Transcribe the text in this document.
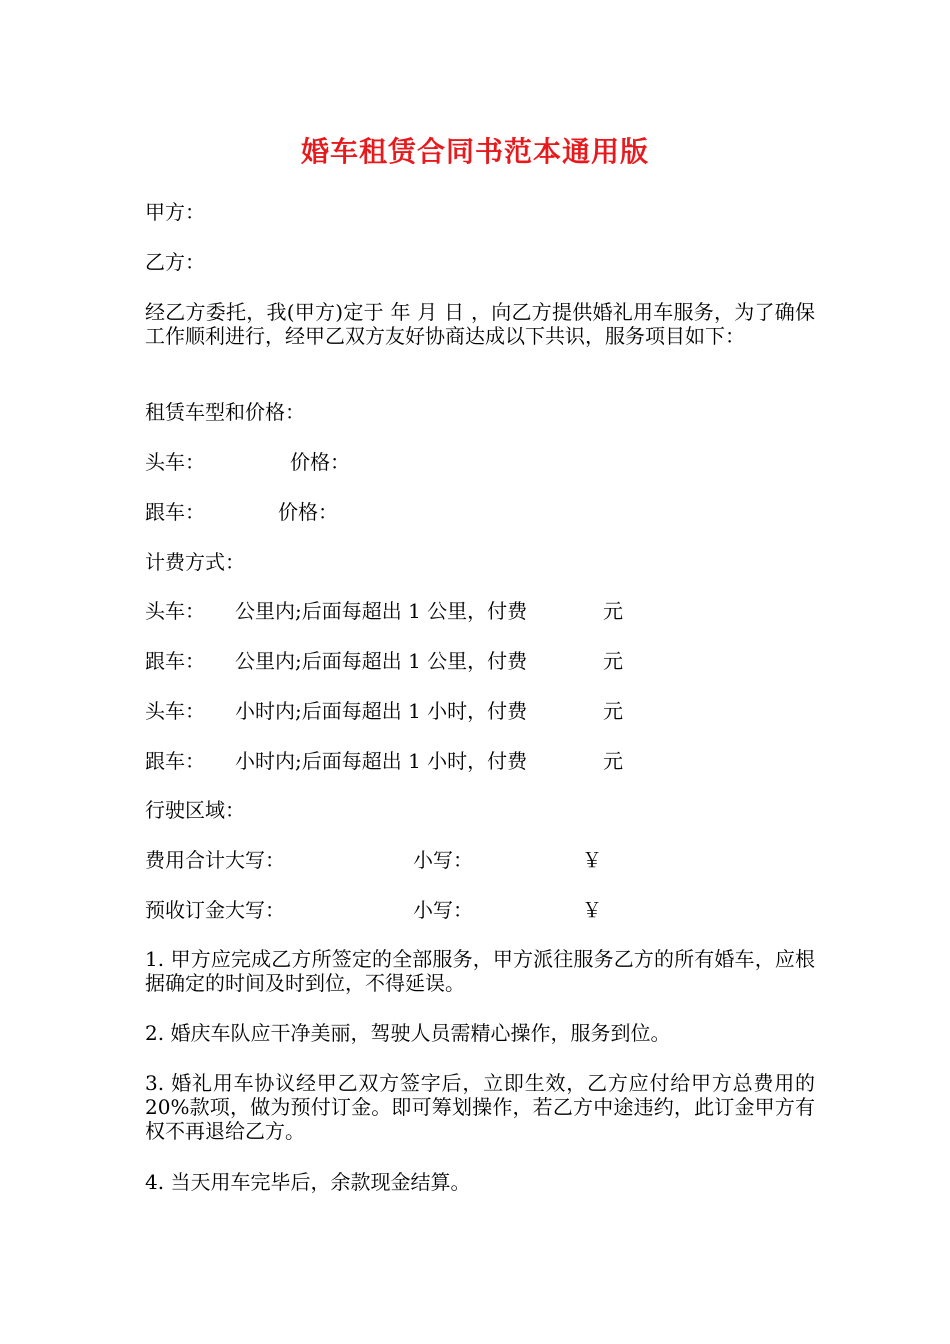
婚车租赁合同书范本通用版
甲方：
乙方：
经乙方委托，我(甲方)定于 年 月 日 ，向乙方提供婚礼用车服务，为了确保工作顺利进行，经甲乙双方友好协商达成以下共识，服务项目如下：
租赁车型和价格：
头车：	价格：
跟车：	价格：
计费方式：
头车： 公里内;后面每超出 1 公里，付费	元
跟车： 公里内;后面每超出 1 公里，付费	元
头车： 小时内;后面每超出 1 小时，付费	元
跟车： 小时内;后面每超出 1 小时，付费	元
行驶区域：
费用合计大写：	小写：	￥
预收订金大写：	小写：	￥
1. 甲方应完成乙方所签定的全部服务，甲方派往服务乙方的所有婚车，应根据确定的时间及时到位，不得延误。
2. 婚庆车队应干净美丽，驾驶人员需精心操作，服务到位。
3. 婚礼用车协议经甲乙双方签字后，立即生效，乙方应付给甲方总费用的 20%款项，做为预付订金。即可筹划操作，若乙方中途违约，此订金甲方有权不再退给乙方。
4. 当天用车完毕后，余款现金结算。
